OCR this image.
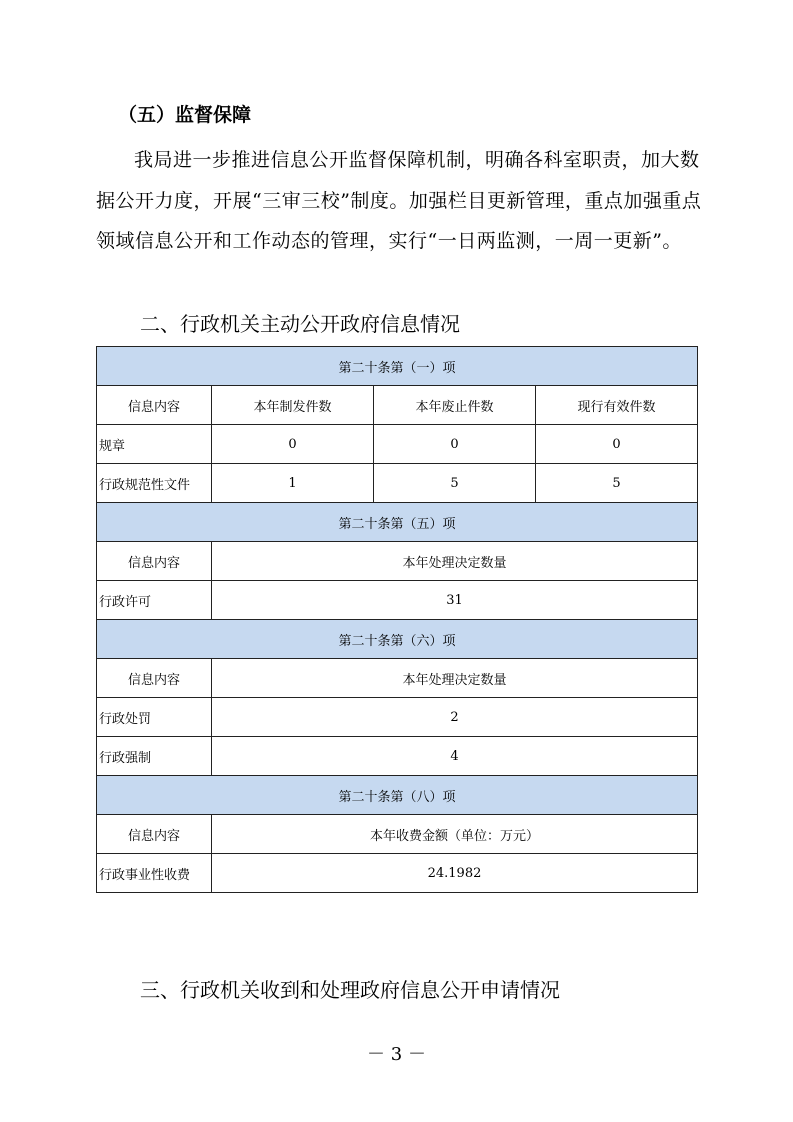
（五）监督保障

我局进一步推进信息公开监督保障机制，明确各科室职责，加大数据公开力度，开展“三审三校”制度。加强栏目更新管理，重点加强重点领域信息公开和工作动态的管理，实行“一日两监测，一周一更新”。

二、行政机关主动公开政府信息情况
第二十条第（一）项			
信息内容	本年制发件数	本年废止件数	现行有效件数
规章	0	0	0
行政规范性文件	1	5	5
第二十条第（五）项			
信息内容	本年处理决定数量		
行政许可	31		
第二十条第（六）项			
信息内容	本年处理决定数量		
行政处罚	2		
行政强制	4		
第二十条第（八）项			
信息内容	本年收费金额（单位：万元）		
行政事业性收费	24.1982		
三、行政机关收到和处理政府信息公开申请情况
－ 3 －
